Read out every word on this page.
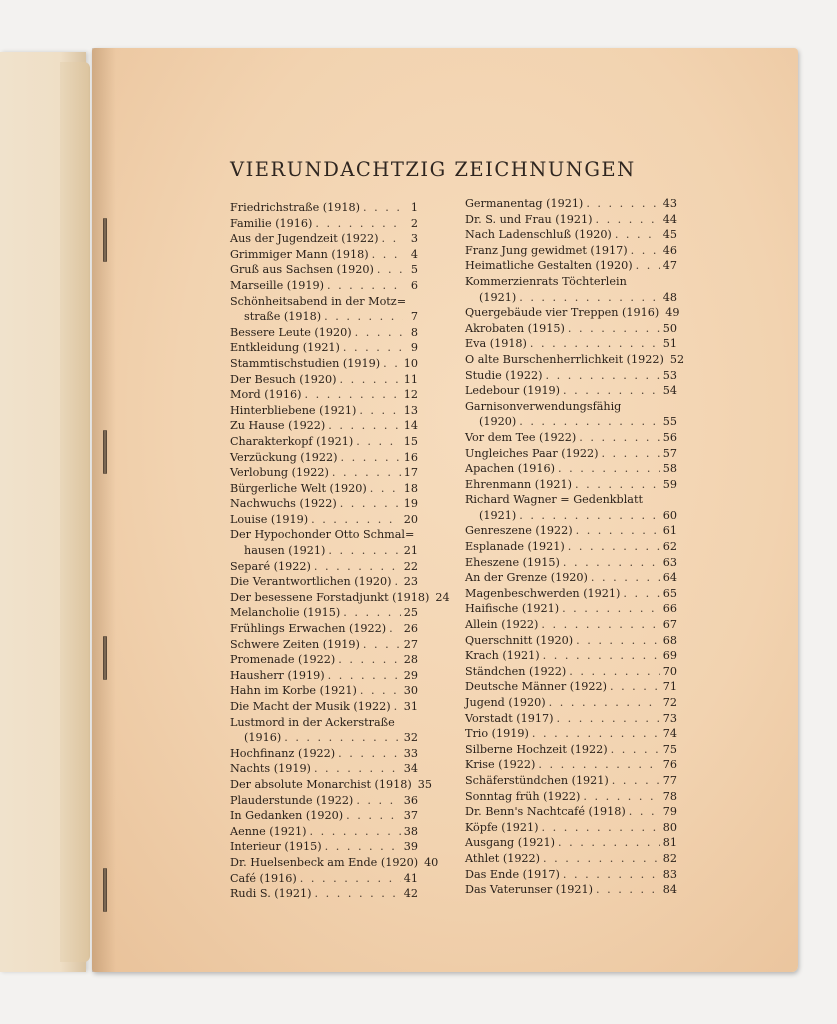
VIERUNDACHTZIG ZEICHNUNGEN
Friedrichstraße (1918) . . .	1
Familie (1916) . . .	2
Aus der Jugendzeit (1922) . . .	3
Grimmiger Mann (1918) . . .	4
Gruß aus Sachsen (1920) . . .	5
Marseille (1919) . . .	6
Schönheitsabend in der Motz=
straße (1918) . . .	7
Bessere Leute (1920) . . .	8
Entkleidung (1921) . . .	9
Stammtischstudien (1919) . . . 10
Der Besuch (1920) . . .	11
Mord (1916) . . .	12
Hinterbliebene (1921) . . .	13
Zu Hause (1922) . . .	14
Charakterkopf (1921) . . .	15
Verzückung (1922) . . .	16
Verlobung (1922) . . .	17
Bürgerliche Welt (1920) . . .	18
Nachwuchs (1922) . . .	19
Louise (1919) . . .	20
Der Hypochonder Otto Schmal=
hausen (1921) . . .	21
Separé (1922) . . .	22
Die Verantwortlichen (1920) . . . 23
Der besessene Forstadjunkt (1918) 24
Melancholie (1915) . . .	25
Frühlings Erwachen (1922) . . . 26
Schwere Zeiten (1919) . . .	27
Promenade (1922) . . .	28
Hausherr (1919) . . .	29
Hahn im Korbe (1921) . . .	30
Die Macht der Musik (1922) . . . 31
Lustmord in der Ackerstraße
(1916) . . .	32
Hochfinanz (1922) . . .	33
Nachts (1919) . . .	34
Der absolute Monarchist (1918) 35
Plauderstunde (1922) . . .	36
In Gedanken (1920) . . .	37
Aenne (1921) . . .	38
Interieur (1915) . . .	39
Dr. Huelsenbeck am Ende (1920) 40
Café (1916) . . .	41
Rudi S. (1921) . . .	42
Germanentag (1921) . . .	43
Dr. S. und Frau (1921) . . .	44
Nach Ladenschluß (1920) . . .	45
Franz Jung gewidmet (1917) . . .	46
Heimatliche Gestalten (1920) . . .	47
Kommerzienrats Töchterlein
(1921) . . .	48
Quergebäude vier Treppen (1916) 49
Akrobaten (1915) . . .	50
Eva (1918) . . .	51
O alte Burschenherrlichkeit (1922) 52
Studie (1922) . . .	53
Ledebour (1919) . . .	54
Garnisonverwendungsfähig
(1920) . . .	55
Vor dem Tee (1922) . . .	56
Ungleiches Paar (1922) . . .	57
Apachen (1916) . . .	58
Ehrenmann (1921) . . .	59
Richard Wagner = Gedenkblatt
(1921) . . .	60
Genreszene (1922) . . .	61
Esplanade (1921) . . .	62
Eheszene (1915) . . .	63
An der Grenze (1920) . . .	64
Magenbeschwerden (1921) . . .	65
Haifische (1921) . . .	66
Allein (1922) . . .	67
Querschnitt (1920) . . .	68
Krach (1921) . . .	69
Ständchen (1922) . . .	70
Deutsche Männer (1922) . . .	71
Jugend (1920) . . .	72
Vorstadt (1917) . . .	73
Trio (1919) . . .	74
Silberne Hochzeit (1922) . . .	75
Krise (1922) . . .	76
Schäferstündchen (1921) . . .	77
Sonntag früh (1922) . . .	78
Dr. Benn's Nachtcafé (1918) . . .	79
Köpfe (1921) . . .	80
Ausgang (1921) . . .	81
Athlet (1922) . . .	82
Das Ende (1917) . . .	83
Das Vaterunser (1921) . . .	84
